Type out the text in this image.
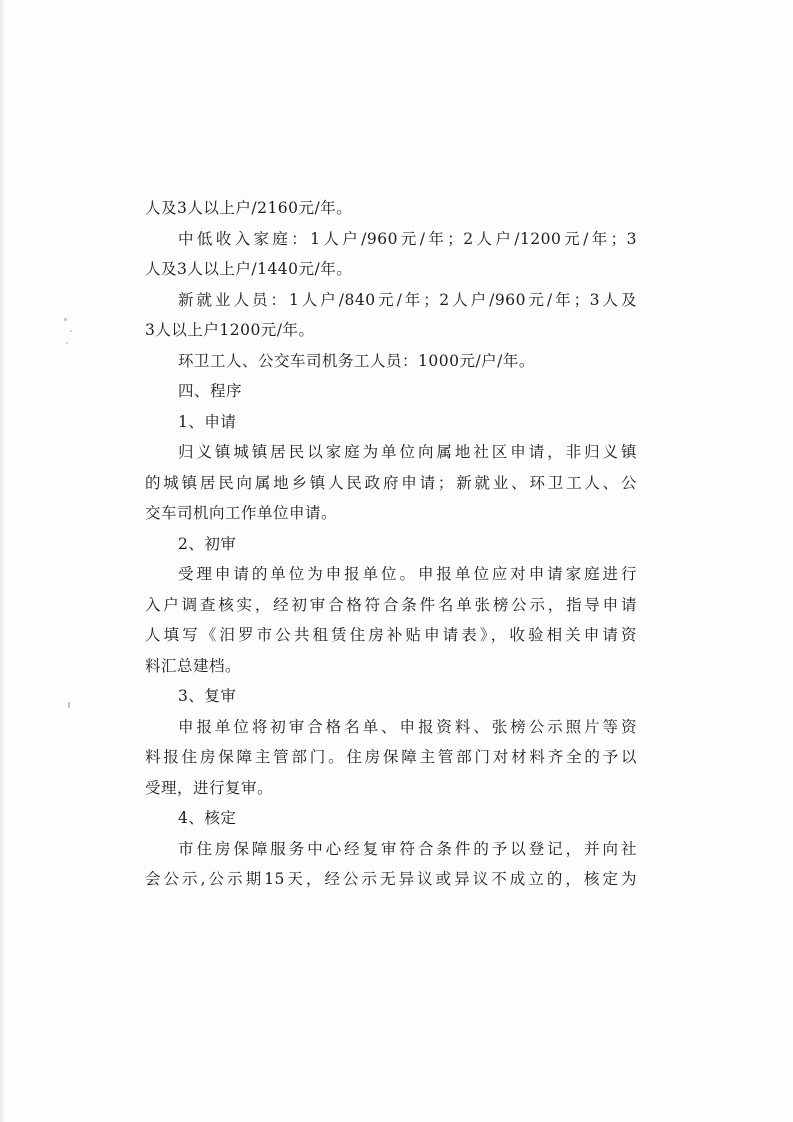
人及3人以上户/2160元/年。
中低收入家庭：1人户/960元/年；2人户/1200元/年；3
人及3人以上户/1440元/年。
新就业人员：1人户/840元/年；2人户/960元/年；3人及
3人以上户1200元/年。
环卫工人、公交车司机务工人员：1000元/户/年。
四、程序
1、申请
归义镇城镇居民以家庭为单位向属地社区申请，非归义镇
的城镇居民向属地乡镇人民政府申请；新就业、环卫工人、公
交车司机向工作单位申请。
2、初审
受理申请的单位为申报单位。申报单位应对申请家庭进行
入户调查核实，经初审合格符合条件名单张榜公示，指导申请
人填写《汨罗市公共租赁住房补贴申请表》，收验相关申请资
料汇总建档。
3、复审
申报单位将初审合格名单、申报资料、张榜公示照片等资
料报住房保障主管部门。住房保障主管部门对材料齐全的予以
受理，进行复审。
4、核定
市住房保障服务中心经复审符合条件的予以登记，并向社
会公示,公示期15天，经公示无异议或异议不成立的，核定为
